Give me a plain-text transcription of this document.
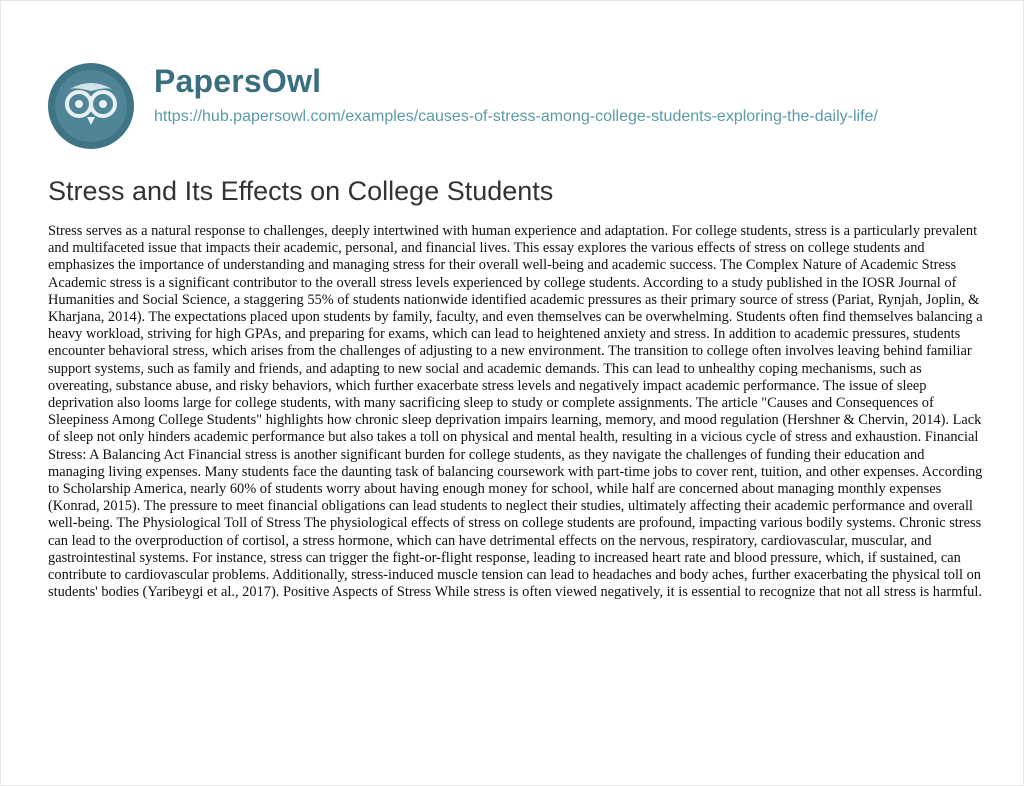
PapersOwl
https://hub.papersowl.com/examples/causes-of-stress-among-college-students-exploring-the-daily-life/
Stress and Its Effects on College Students

Stress serves as a natural response to challenges, deeply intertwined with human experience and adaptation. For college students, stress is a particularly prevalent and multifaceted issue that impacts their academic, personal, and financial lives. This essay explores the various effects of stress on college students and emphasizes the importance of understanding and managing stress for their overall well-being and academic success. The Complex Nature of Academic Stress Academic stress is a significant contributor to the overall stress levels experienced by college students. According to a study published in the IOSR Journal of Humanities and Social Science, a staggering 55% of students nationwide identified academic pressures as their primary source of stress (Pariat, Rynjah, Joplin, & Kharjana, 2014). The expectations placed upon students by family, faculty, and even themselves can be overwhelming. Students often find themselves balancing a heavy workload, striving for high GPAs, and preparing for exams, which can lead to heightened anxiety and stress. In addition to academic pressures, students encounter behavioral stress, which arises from the challenges of adjusting to a new environment. The transition to college often involves leaving behind familiar support systems, such as family and friends, and adapting to new social and academic demands. This can lead to unhealthy coping mechanisms, such as overeating, substance abuse, and risky behaviors, which further exacerbate stress levels and negatively impact academic performance. The issue of sleep deprivation also looms large for college students, with many sacrificing sleep to study or complete assignments. The article "Causes and Consequences of Sleepiness Among College Students" highlights how chronic sleep deprivation impairs learning, memory, and mood regulation (Hershner & Chervin, 2014). Lack of sleep not only hinders academic performance but also takes a toll on physical and mental health, resulting in a vicious cycle of stress and exhaustion. Financial Stress: A Balancing Act Financial stress is another significant burden for college students, as they navigate the challenges of funding their education and managing living expenses. Many students face the daunting task of balancing coursework with part-time jobs to cover rent, tuition, and other expenses. According to Scholarship America, nearly 60% of students worry about having enough money for school, while half are concerned about managing monthly expenses (Konrad, 2015). The pressure to meet financial obligations can lead students to neglect their studies, ultimately affecting their academic performance and overall well-being. The Physiological Toll of Stress The physiological effects of stress on college students are profound, impacting various bodily systems. Chronic stress can lead to the overproduction of cortisol, a stress hormone, which can have detrimental effects on the nervous, respiratory, cardiovascular, muscular, and gastrointestinal systems. For instance, stress can trigger the fight-or-flight response, leading to increased heart rate and blood pressure, which, if sustained, can contribute to cardiovascular problems. Additionally, stress-induced muscle tension can lead to headaches and body aches, further exacerbating the physical toll on students' bodies (Yaribeygi et al., 2017). Positive Aspects of Stress While stress is often viewed negatively, it is essential to recognize that not all stress is harmful.
